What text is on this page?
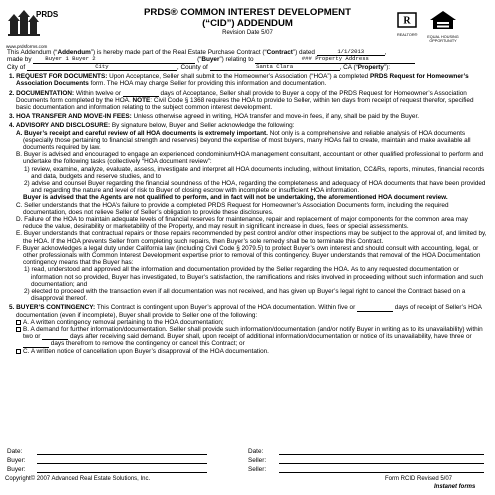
PRDS
www.prdsforms.com
PRDS® COMMON INTEREST DEVELOPMENT
(“CID”) ADDENDUM
Revision Date 5/07
R
REALTOR®	EQUAL HOUSING OPPORTUNITY

This Addendum (“Addendum”) is hereby made part of the Real Estate Purchase Contract (“Contract”) dated	1/1/2013	,
made by Buyer 1 Buyer 2	(“Buyer”) relating to	### Property Address
City of	City	, County of	Santa Clara	, CA (“Property”):

1. REQUEST FOR DOCUMENTS: Upon Acceptance, Seller shall submit to the Homeowner’s Association (“HOA”) a completed PRDS Request for Homeowner’s Association Documents form. The HOA may charge Seller for providing this information and documentation.

2. DOCUMENTATION: Within twelve or	days of Acceptance, Seller shall provide to Buyer a copy of the PRDS Request for Homeowner’s Association Documents form completed by the HOA. NOTE: Civil Code § 1368 requires the HOA to provide to Seller, within ten days from receipt of request therefor, specified basic documentation and information relating to the subject common interest development.

3. HOA TRANSFER AND MOVE-IN FEES: Unless otherwise agreed in writing, HOA transfer and move-in fees, if any, shall be paid by the Buyer.

4. ADVISORY AND DISCLOSURE: By signature below, Buyer and Seller acknowledge the following:

A. Buyer’s receipt and careful review of all HOA documents is extremely important. Not only is a comprehensive and reliable analysis of HOA documents (especially those pertaining to financial strength and reserves) beyond the expertise of most buyers, many HOAs fail to create, maintain and make available all documents required by law.

B. Buyer is advised and encouraged to engage an experienced condominium/HOA management consultant, accountant or other qualified professional to perform and undertake the following tasks (collectively “HOA document review”:

1) review, examine, analyze, evaluate, assess, investigate and interpret all HOA documents including, without limitation, CC&Rs, reports, minutes, financial records and data, budgets and reserve studies, and to

2) advise and counsel Buyer regarding the financial soundness of the HOA, regarding the completeness and adequacy of HOA documents that have been provided and regarding the nature and level of risk to Buyer of closing escrow with incomplete or insufficient HOA information.

Buyer is advised that the Agents are not qualified to perform, and in fact will not be undertaking, the aforementioned HOA document review.

C. Seller understands that the HOA’s failure to provide a completed PRDS Request for Homeowner’s Association Documents form, including the required documentation, does not relieve Seller of Seller’s obligation to provide these disclosures.

D. Failure of the HOA to maintain adequate levels of financial reserves for maintenance, repair and replacement of major components for the common area may reduce the value, desirability or marketability of the Property, and may result in significant increase in dues, fees or special assessments.

E. Buyer understands that contractual repairs or those repairs recommended by pest control and/or other inspections may be subject to the approval of, and limited by, the HOA. If the HOA prevents Seller from completing such repairs, then Buyer’s sole remedy shall be to terminate this Contract.

F. Buyer acknowledges a legal duty under California law (including Civil Code § 2079.5) to protect Buyer’s own interest and should consult with accounting, legal, or other professionals with Common Interest Development expertise prior to removal of this contingency. Buyer understands that removal of the HOA Documentation contingency means that the Buyer has:

1) read, understood and approved all the information and documentation provided by the Seller regarding the HOA. As to any requested documentation or information not so provided, Buyer has investigated, to Buyer’s satisfaction, the ramifications and risks involved in proceeding without such information and such documentation; and

2) elected to proceed with the transaction even if all documentation was not received, and has given up Buyer’s legal right to cancel the Contract based on a disapproval thereof.

5. BUYER’S CONTINGENCY: This Contract is contingent upon Buyer’s approval of the HOA documentation. Within five or	days of receipt of Seller’s HOA documentation (even if incomplete), Buyer shall provide to Seller one of the following:

A. A written contingency removal pertaining to the HOA documentation;

B. A demand for further information/documentation. Seller shall provide such information/documentation (and/or notify Buyer in writing as to its unavailability) within two or	days after receiving said demand. Buyer shall, upon receipt of additional information/documentation or notice of its unavailability, have three or  days therefrom to remove the contingency or cancel this Contract; or

C. A written notice of cancellation upon Buyer’s disapproval of the HOA documentation.

Date:
Buyer:
Buyer:
Date:
Seller:
Seller:
Copyright© 2007 Advanced Real Estate Solutions, Inc.	Form RCID Revised 5/07
Instanet forms
